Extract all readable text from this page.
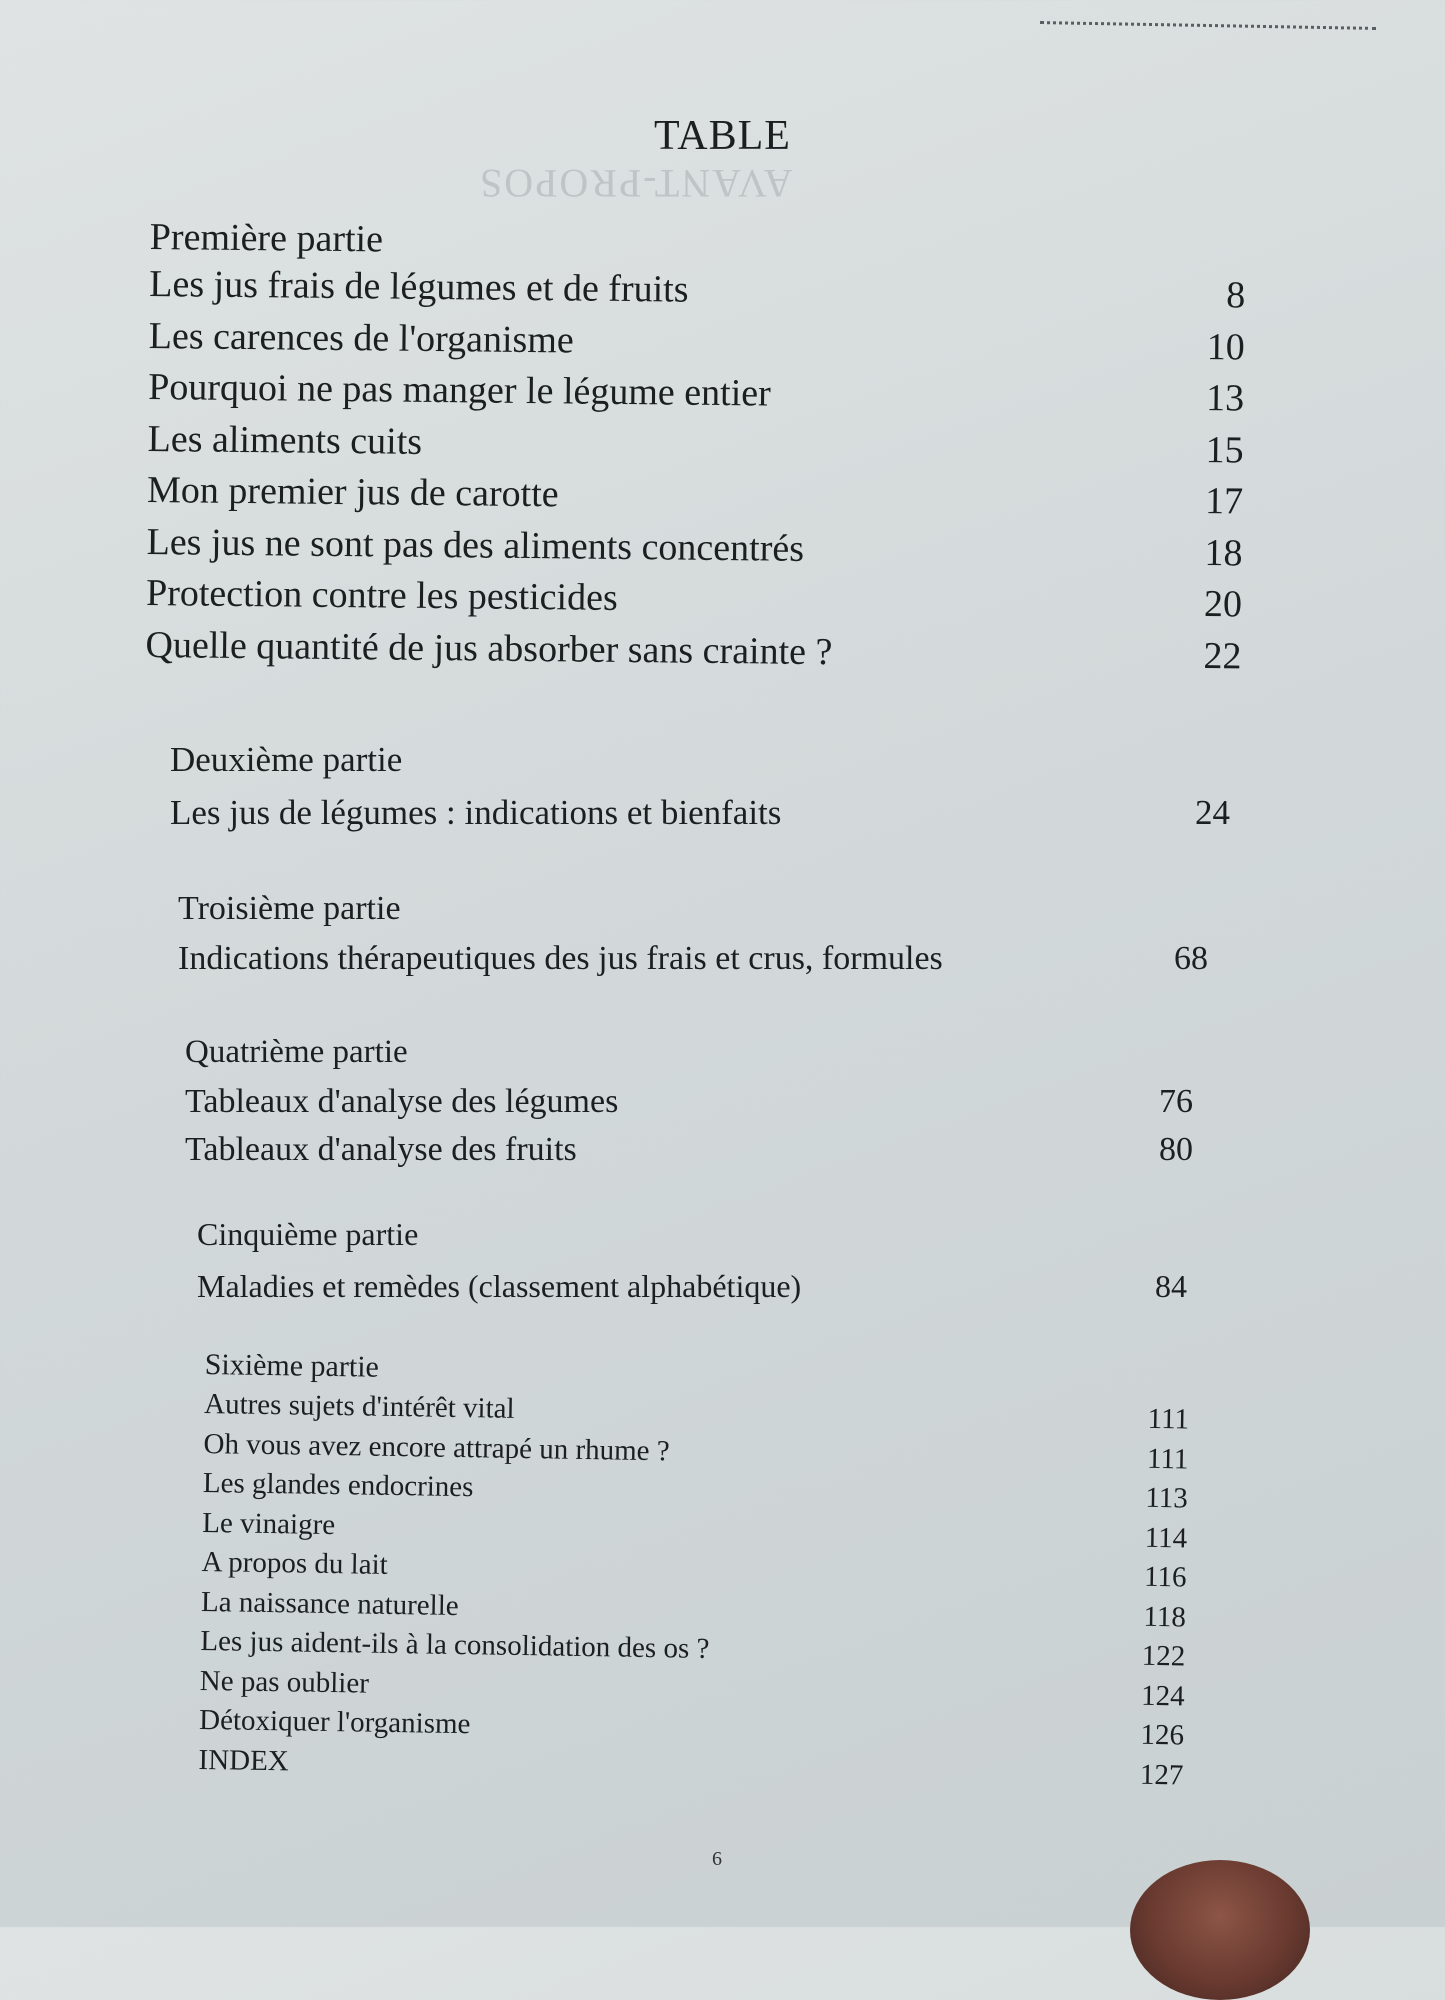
AVANT-PROPOS
TABLE
Première partie
Les jus frais de légumes et de fruits	8
Les carences de l'organisme	10
Pourquoi ne pas manger le légume entier	13
Les aliments cuits	15
Mon premier jus de carotte	17
Les jus ne sont pas des aliments concentrés	18
Protection contre les pesticides	20
Quelle quantité de jus absorber sans crainte ?	22
Deuxième partie
Les jus de légumes : indications et bienfaits	24
Troisième partie
Indications thérapeutiques des jus frais et crus, formules	68
Quatrième partie
Tableaux d'analyse des légumes	76
Tableaux d'analyse des fruits	80
Cinquième partie
Maladies et remèdes (classement alphabétique)	84
Sixième partie
Autres sujets d'intérêt vital	111
Oh vous avez encore attrapé un rhume ?	111
Les glandes endocrines	113
Le vinaigre	114
A propos du lait	116
La naissance naturelle	118
Les jus aident-ils à la consolidation des os ?	122
Ne pas oublier	124
Détoxiquer l'organisme	126
INDEX	127
6
